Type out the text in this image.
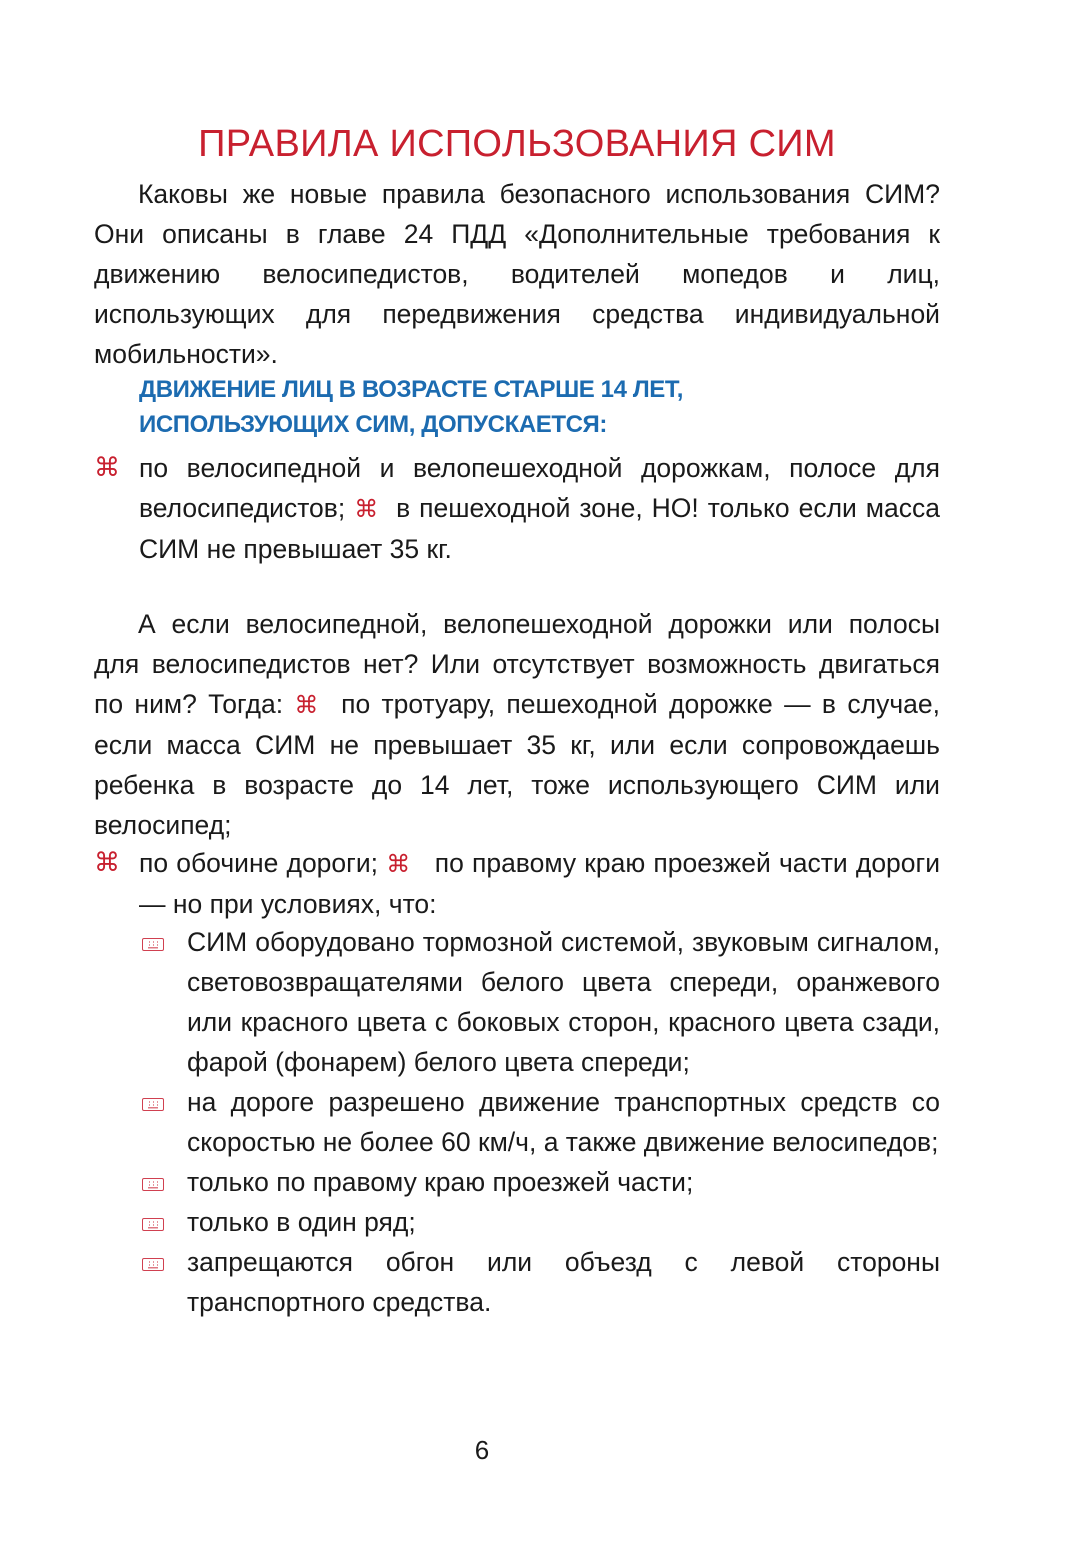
ПРАВИЛА ИСПОЛЬЗОВАНИЯ СИМ

Каковы же новые правила безопасного использования СИМ? Они описаны в главе 24 ПДД «Дополнительные требования к движению велосипедистов, водителей мопедов и лиц, использующих для передвижения средства индивидуальной мобильности».

ДВИЖЕНИЕ ЛИЦ В ВОЗРАСТЕ СТАРШЕ 14 ЛЕТ,
ИСПОЛЬЗУЮЩИХ СИМ, ДОПУСКАЕТСЯ:
⌘ по велосипедной и велопешеходной дорожкам, полосе для велосипедистов; ⌘ в пешеходной зоне, НО! только если масса СИМ не превышает 35 кг.

А если велосипедной, велопешеходной дорожки или полосы для велосипедистов нет? Или отсутствует возможность двигаться по ним? Тогда: ⌘ по тротуару, пешеходной дорожке — в случае, если масса СИМ не превышает 35 кг, или если сопровождаешь ребенка в возрасте до 14 лет, тоже использующего СИМ или велосипед;

⌘ по обочине дороги; ⌘ по правому краю проезжей части дороги — но при условиях, что:

СИМ оборудовано тормозной системой, звуковым сигналом, световозвращателями белого цвета спереди, оранжевого или красного цвета с боковых сторон, красного цвета сзади, фарой (фонарем) белого цвета спереди;
на дороге разрешено движение транспортных средств со скоростью не более 60 км/ч, а также движение велосипедов;
только по правому краю проезжей части;
только в один ряд;
запрещаются обгон или объезд с левой стороны транспортного средства.
6
